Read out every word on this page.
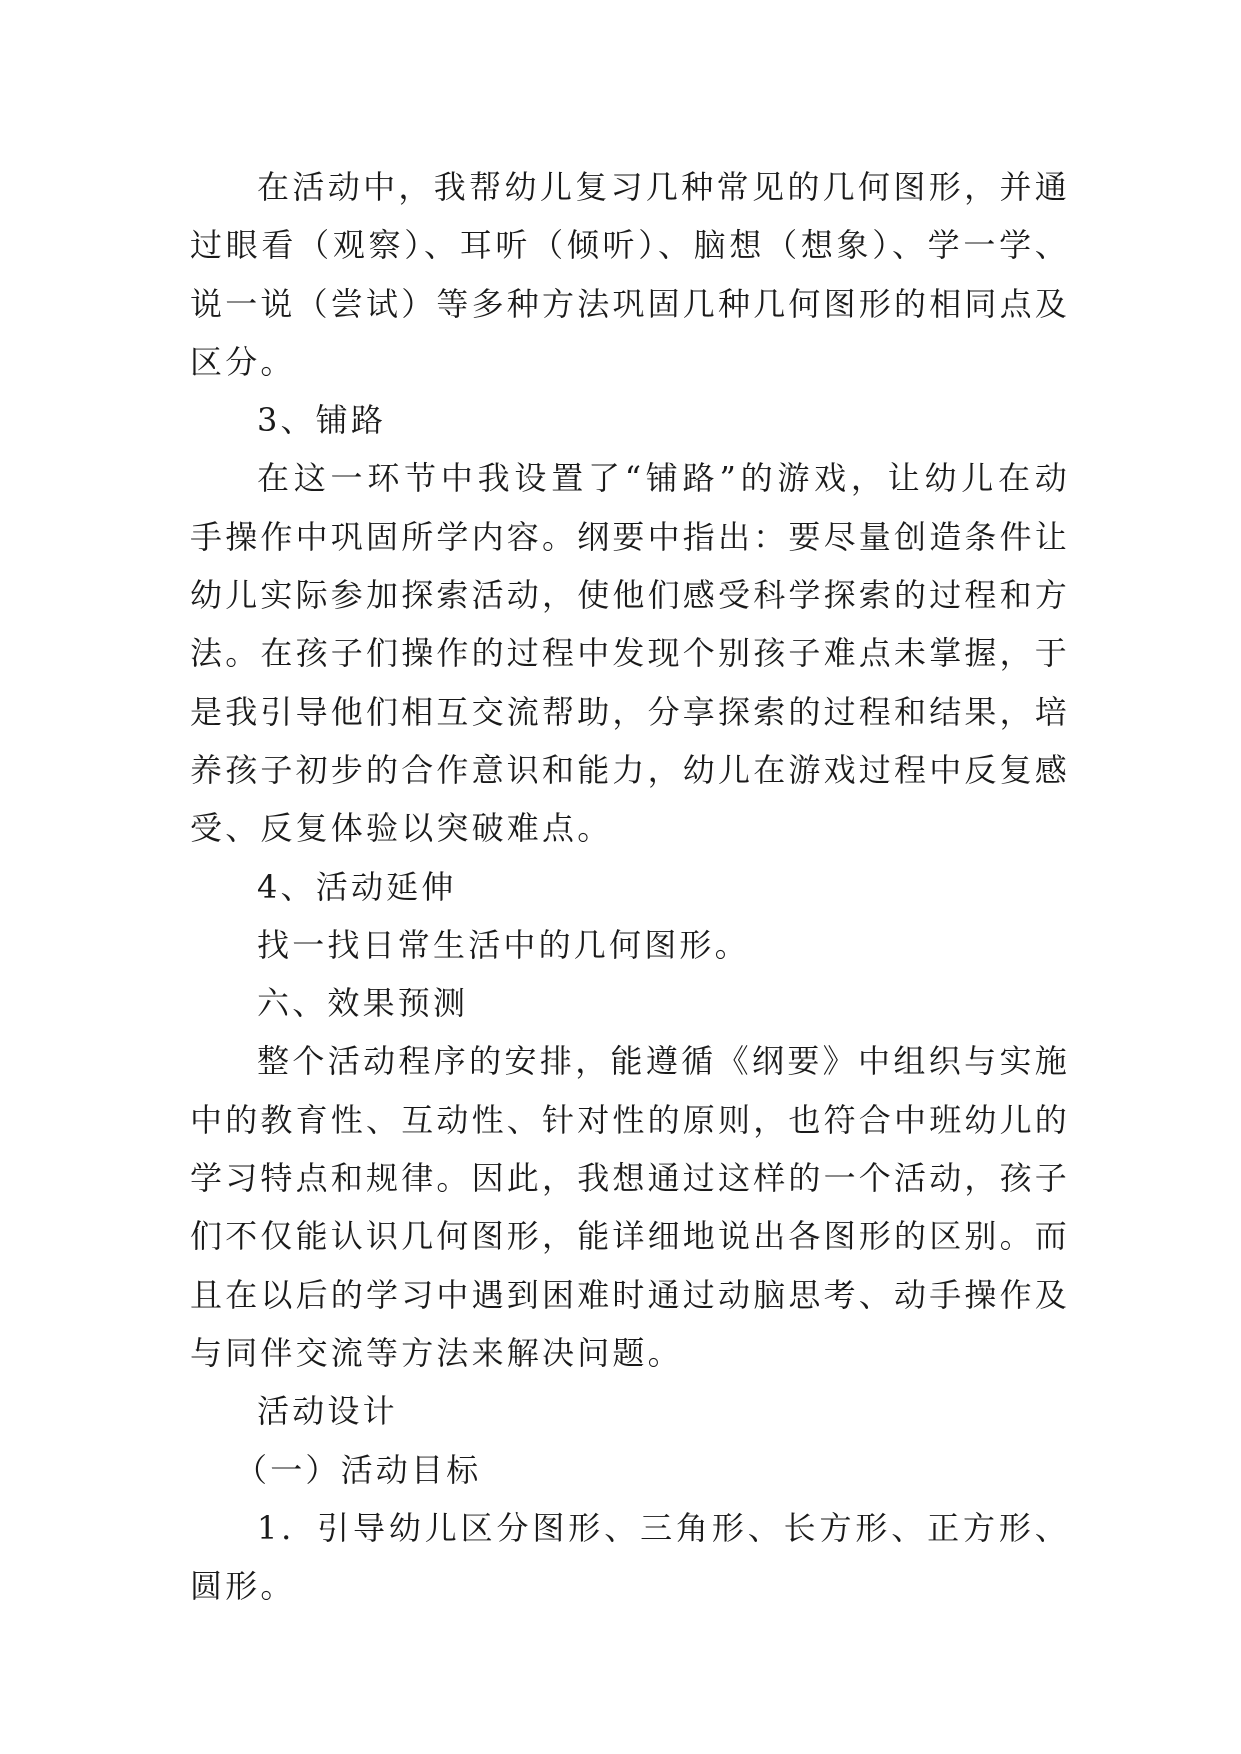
在活动中，我帮幼儿复习几种常见的几何图形，并通过眼看（观察）、耳听（倾听）、脑想（想象）、学一学、说一说（尝试）等多种方法巩固几种几何图形的相同点及区分。

3、铺路

在这一环节中我设置了“铺路”的游戏，让幼儿在动手操作中巩固所学内容。纲要中指出：要尽量创造条件让幼儿实际参加探索活动，使他们感受科学探索的过程和方法。在孩子们操作的过程中发现个别孩子难点未掌握，于是我引导他们相互交流帮助，分享探索的过程和结果，培养孩子初步的合作意识和能力，幼儿在游戏过程中反复感受、反复体验以突破难点。

4、活动延伸

找一找日常生活中的几何图形。

六、效果预测

整个活动程序的安排，能遵循《纲要》中组织与实施中的教育性、互动性、针对性的原则，也符合中班幼儿的学习特点和规律。因此，我想通过这样的一个活动，孩子们不仅能认识几何图形，能详细地说出各图形的区别。而且在以后的学习中遇到困难时通过动脑思考、动手操作及与同伴交流等方法来解决问题。

活动设计

（一）活动目标

1．引导幼儿区分图形、三角形、长方形、正方形、圆形。
